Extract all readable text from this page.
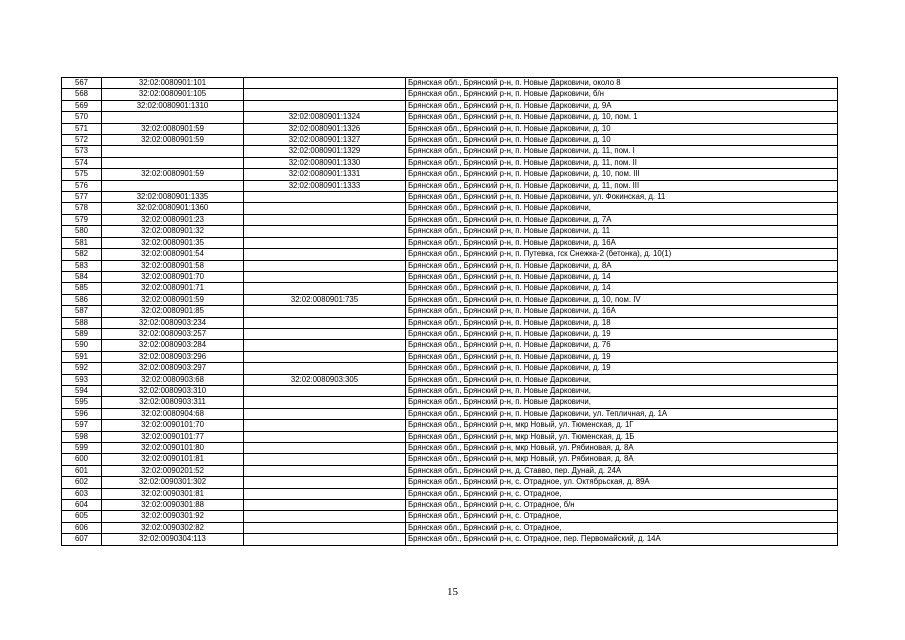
567	32:02:0080901:101		Брянская обл., Брянский р-н, п. Новые Дарковичи, около 8
568	32:02:0080901:105		Брянская обл., Брянский р-н, п. Новые Дарковичи, б/н
569	32:02:0080901:1310		Брянская обл., Брянский р-н, п. Новые Дарковичи, д. 9А
570		32:02:0080901:1324	Брянская обл., Брянский р-н, п. Новые Дарковичи, д. 10, пом. 1
571	32:02:0080901:59	32:02:0080901:1326	Брянская обл., Брянский р-н, п. Новые Дарковичи, д. 10
572	32:02:0080901:59	32:02:0080901:1327	Брянская обл., Брянский р-н, п. Новые Дарковичи, д. 10
573		32:02:0080901:1329	Брянская обл., Брянский р-н, п. Новые Дарковичи, д. 11, пом. I
574		32:02:0080901:1330	Брянская обл., Брянский р-н, п. Новые Дарковичи, д. 11, пом. II
575	32:02:0080901:59	32:02:0080901:1331	Брянская обл., Брянский р-н, п. Новые Дарковичи, д. 10, пом. III
576		32:02:0080901:1333	Брянская обл., Брянский р-н, п. Новые Дарковичи, д. 11, пом. III
577	32:02:0080901:1335		Брянская обл., Брянский р-н, п. Новые Дарковичи, ул. Фокинская, д. 11
578	32:02:0080901:1360		Брянская обл., Брянский р-н, п. Новые Дарковичи,
579	32:02:0080901:23		Брянская обл., Брянский р-н, п. Новые Дарковичи, д. 7А
580	32:02:0080901:32		Брянская обл., Брянский р-н, п. Новые Дарковичи, д. 11
581	32:02:0080901:35		Брянская обл., Брянский р-н, п. Новые Дарковичи, д. 16А
582	32:02:0080901:54		Брянская обл., Брянский р-н, п. Путевка, гск Снежка-2 (бетонка), д. 10(1)
583	32:02:0080901:58		Брянская обл., Брянский р-н, п. Новые Дарковичи, д. 8А
584	32:02:0080901:70		Брянская обл., Брянский р-н, п. Новые Дарковичи, д. 14
585	32:02:0080901:71		Брянская обл., Брянский р-н, п. Новые Дарковичи, д. 14
586	32:02:0080901:59	32:02:0080901:735	Брянская обл., Брянский р-н, п. Новые Дарковичи, д. 10, пом. IV
587	32:02:0080901:85		Брянская обл., Брянский р-н, п. Новые Дарковичи, д. 16А
588	32:02:0080903:234		Брянская обл., Брянский р-н, п. Новые Дарковичи, д. 18
589	32:02:0080903:257		Брянская обл., Брянский р-н, п. Новые Дарковичи, д. 19
590	32:02:0080903:284		Брянская обл., Брянский р-н, п. Новые Дарковичи, д. 76
591	32:02:0080903:296		Брянская обл., Брянский р-н, п. Новые Дарковичи, д. 19
592	32:02:0080903:297		Брянская обл., Брянский р-н, п. Новые Дарковичи, д. 19
593	32:02:0080903:68	32:02:0080903:305	Брянская обл., Брянский р-н, п. Новые Дарковичи,
594	32:02:0080903:310		Брянская обл., Брянский р-н, п. Новые Дарковичи,
595	32:02:0080903:311		Брянская обл., Брянский р-н, п. Новые Дарковичи,
596	32:02:0080904:68		Брянская обл., Брянский р-н, п. Новые Дарковичи, ул. Тепличная, д. 1А
597	32:02:0090101:70		Брянская обл., Брянский р-н, мкр Новый, ул. Тюменская, д. 1Г
598	32:02:0090101:77		Брянская обл., Брянский р-н, мкр Новый, ул. Тюменская, д. 1Б
599	32:02:0090101:80		Брянская обл., Брянский р-н, мкр Новый, ул. Рябиновая, д. 8А
600	32:02:0090101:81		Брянская обл., Брянский р-н, мкр Новый, ул. Рябиновая, д. 8А
601	32:02:0090201:52		Брянская обл., Брянский р-н, д. Ставво, пер. Дунай, д. 24А
602	32:02:0090301:302		Брянская обл., Брянский р-н, с. Отрадное, ул. Октябрьская, д. 89А
603	32:02:0090301:81		Брянская обл., Брянский р-н, с. Отрадное,
604	32:02:0090301:88		Брянская обл., Брянский р-н, с. Отрадное, б/н
605	32:02:0090301:92		Брянская обл., Брянский р-н, с. Отрадное,
606	32:02:0090302:82		Брянская обл., Брянский р-н, с. Отрадное,
607	32:02:0090304:113		Брянская обл., Брянский р-н, с. Отрадное, пер. Первомайский, д. 14А
15
